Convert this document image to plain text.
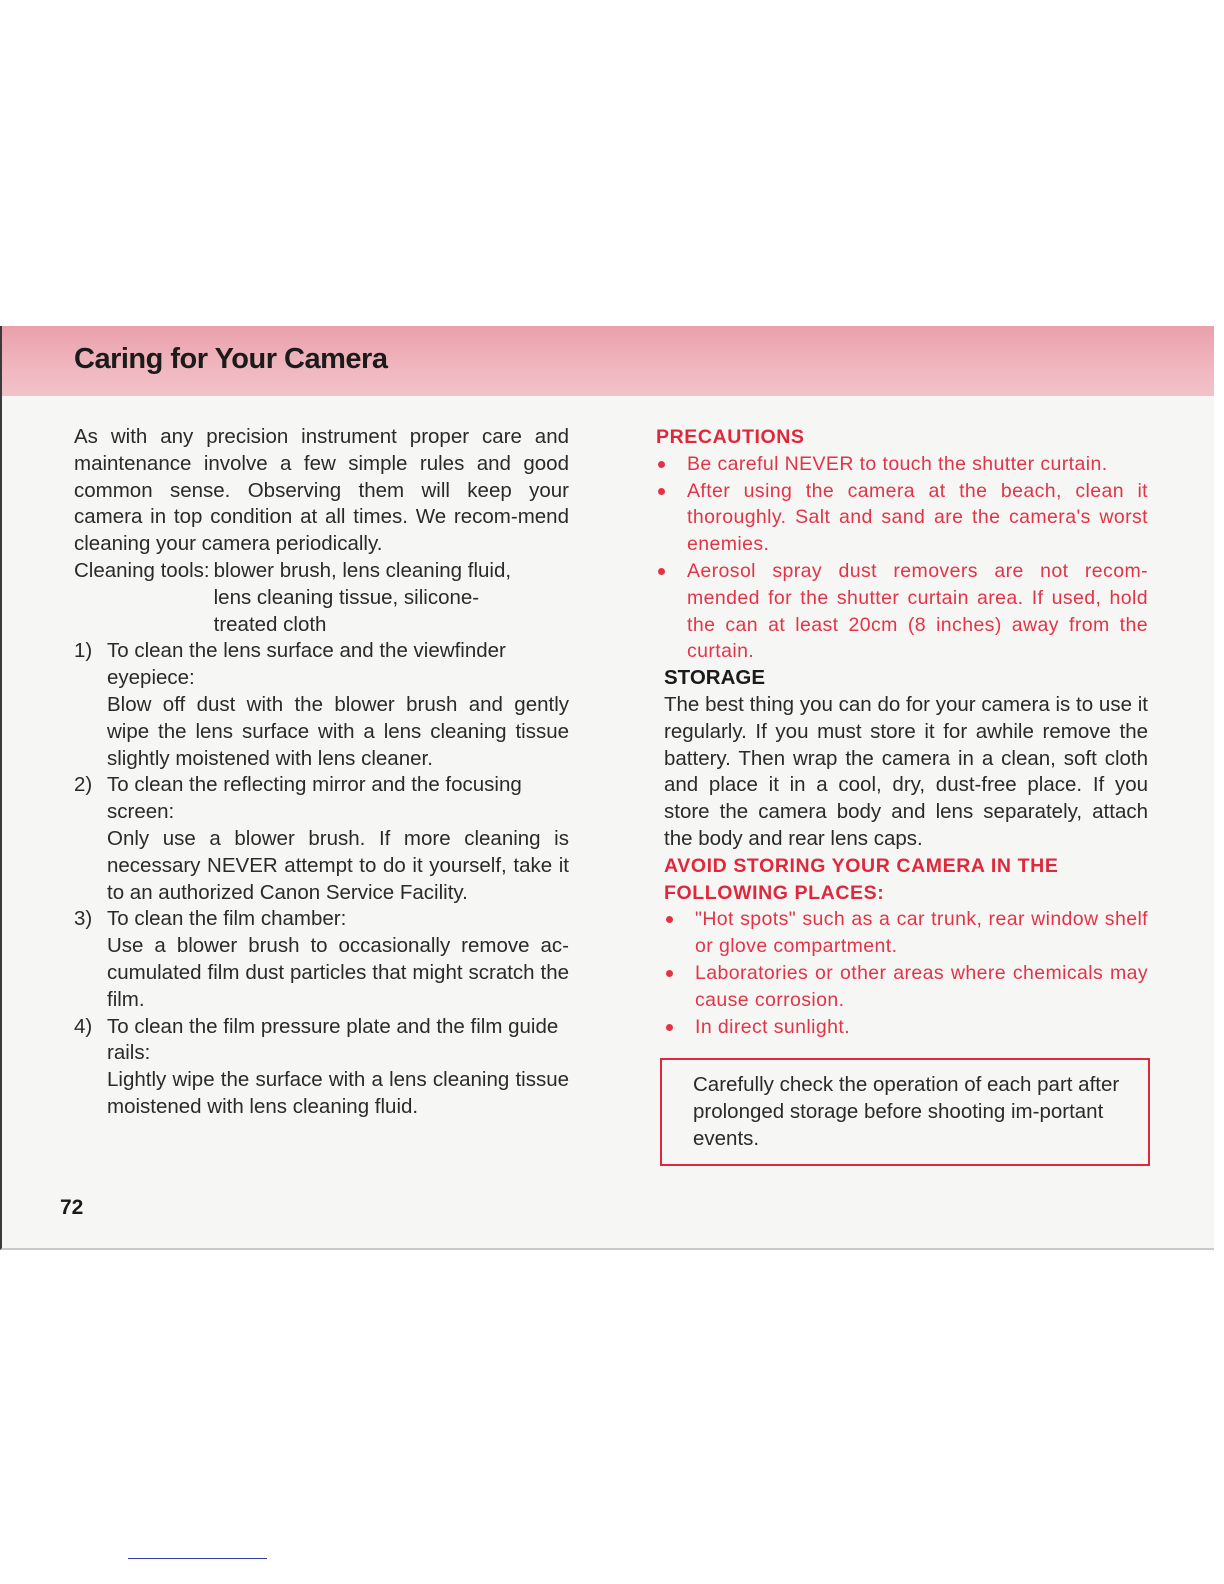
Caring for Your Camera

As with any precision instrument proper care and maintenance involve a few simple rules and good common sense. Observing them will keep your camera in top condition at all times. We recom-mend cleaning your camera periodically.

Cleaning tools: blower brush, lens cleaning fluid,
lens cleaning tissue, silicone-
treated cloth
1) To clean the lens surface and the viewfinder eyepiece:

Blow off dust with the blower brush and gently wipe the lens surface with a lens cleaning tissue slightly moistened with lens cleaner.

2) To clean the reflecting mirror and the focusing screen:

Only use a blower brush. If more cleaning is necessary NEVER attempt to do it yourself, take it to an authorized Canon Service Facility.

3) To clean the film chamber:

Use a blower brush to occasionally remove ac-cumulated film dust particles that might scratch the film.

4) To clean the film pressure plate and the film guide rails:

Lightly wipe the surface with a lens cleaning tissue moistened with lens cleaning fluid.

PRECAUTIONS

Be careful NEVER to touch the shutter curtain.
After using the camera at the beach, clean it thoroughly. Salt and sand are the camera's worst enemies.
Aerosol spray dust removers are not recom-mended for the shutter curtain area. If used, hold the can at least 20cm (8 inches) away from the curtain.

STORAGE

The best thing you can do for your camera is to use it regularly. If you must store it for awhile remove the battery. Then wrap the camera in a clean, soft cloth and place it in a cool, dry, dust-free place. If you store the camera body and lens separately, attach the body and rear lens caps.

AVOID STORING YOUR CAMERA IN THE

FOLLOWING PLACES:

"Hot spots" such as a car trunk, rear window shelf or glove compartment.
Laboratories or other areas where chemicals may cause corrosion.
In direct sunlight.
Carefully check the operation of each part after prolonged storage before shooting im-portant events.
72
